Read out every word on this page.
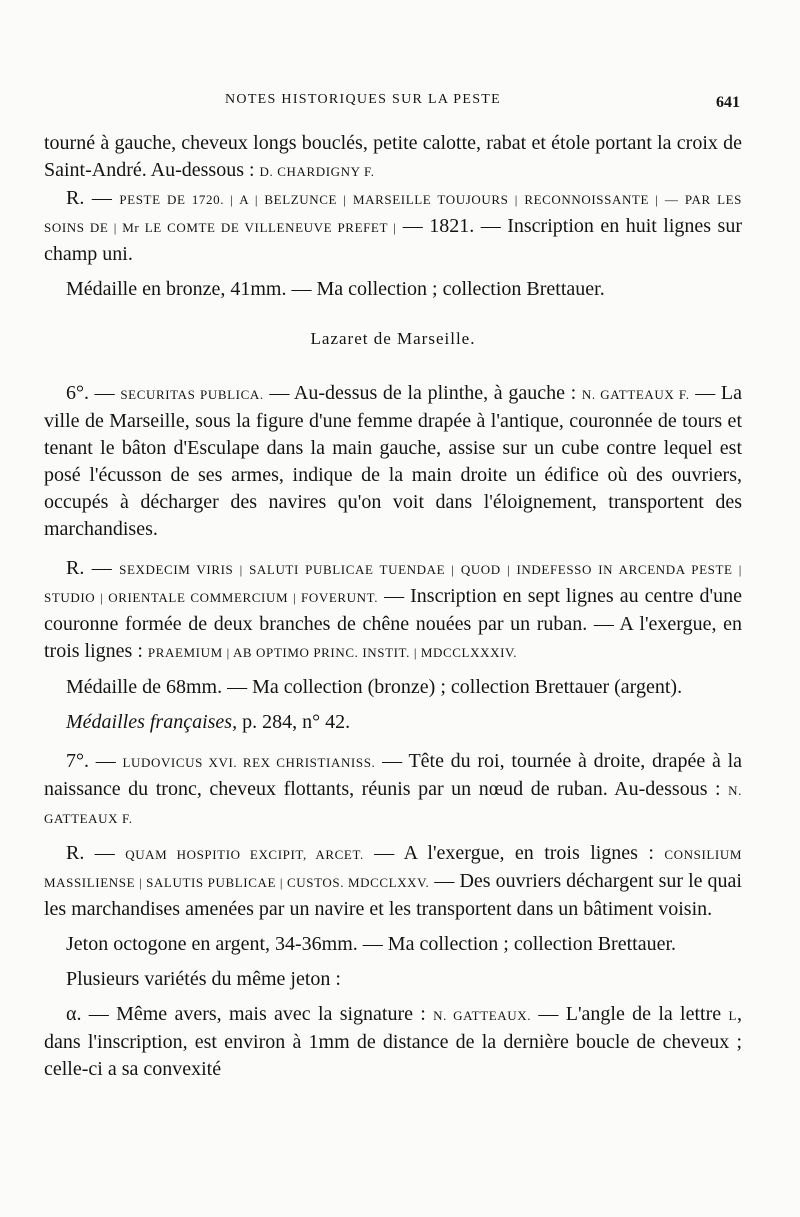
NOTES HISTORIQUES SUR LA PESTE	641

tourné à gauche, cheveux longs bouclés, petite calotte, rabat et étole portant la croix de Saint-André. Au-dessous : D. CHARDIGNY F.

R. — PESTE DE 1720. | A | BELZUNCE | MARSEILLE TOUJOURS | RECONNOISSANTE | — PAR LES SOINS DE | Mr LE COMTE DE VILLENEUVE PREFET | — 1821. — Inscription en huit lignes sur champ uni.

Médaille en bronze, 41mm. — Ma collection ; collection Brettauer.

Lazaret de Marseille.

6°. — SECURITAS PUBLICA. — Au-dessus de la plinthe, à gauche : N. GATTEAUX F. — La ville de Marseille, sous la figure d'une femme drapée à l'antique, couronnée de tours et tenant le bâton d'Esculape dans la main gauche, assise sur un cube contre lequel est posé l'écusson de ses armes, indique de la main droite un édifice où des ouvriers, occupés à décharger des navires qu'on voit dans l'éloignement, transportent des marchandises.

R. — SEXDECIM VIRIS | SALUTI PUBLICAE TUENDAE | QUOD | INDEFESSO IN ARCENDA PESTE | STUDIO | ORIENTALE COMMERCIUM | FOVERUNT. — Inscription en sept lignes au centre d'une couronne formée de deux branches de chêne nouées par un ruban. — A l'exergue, en trois lignes : PRAEMIUM | AB OPTIMO PRINC. INSTIT. | MDCCLXXXIV.

Médaille de 68mm. — Ma collection (bronze) ; collection Brettauer (argent).

Médailles françaises, p. 284, n° 42.

7°. — LUDOVICUS XVI. REX CHRISTIANISS. — Tête du roi, tournée à droite, drapée à la naissance du tronc, cheveux flottants, réunis par un nœud de ruban. Au-dessous : N. GATTEAUX F.

R. — QUAM HOSPITIO EXCIPIT, ARCET. — A l'exergue, en trois lignes : CONSILIUM MASSILIENSE | SALUTIS PUBLICAE | CUSTOS. MDCCLXXV. — Des ouvriers déchargent sur le quai les marchandises amenées par un navire et les transportent dans un bâtiment voisin.

Jeton octogone en argent, 34-36mm. — Ma collection ; collection Brettauer.

Plusieurs variétés du même jeton :

α. — Même avers, mais avec la signature : N. GATTEAUX. — L'angle de la lettre L, dans l'inscription, est environ à 1mm de distance de la dernière boucle de cheveux ; celle-ci a sa convexité
